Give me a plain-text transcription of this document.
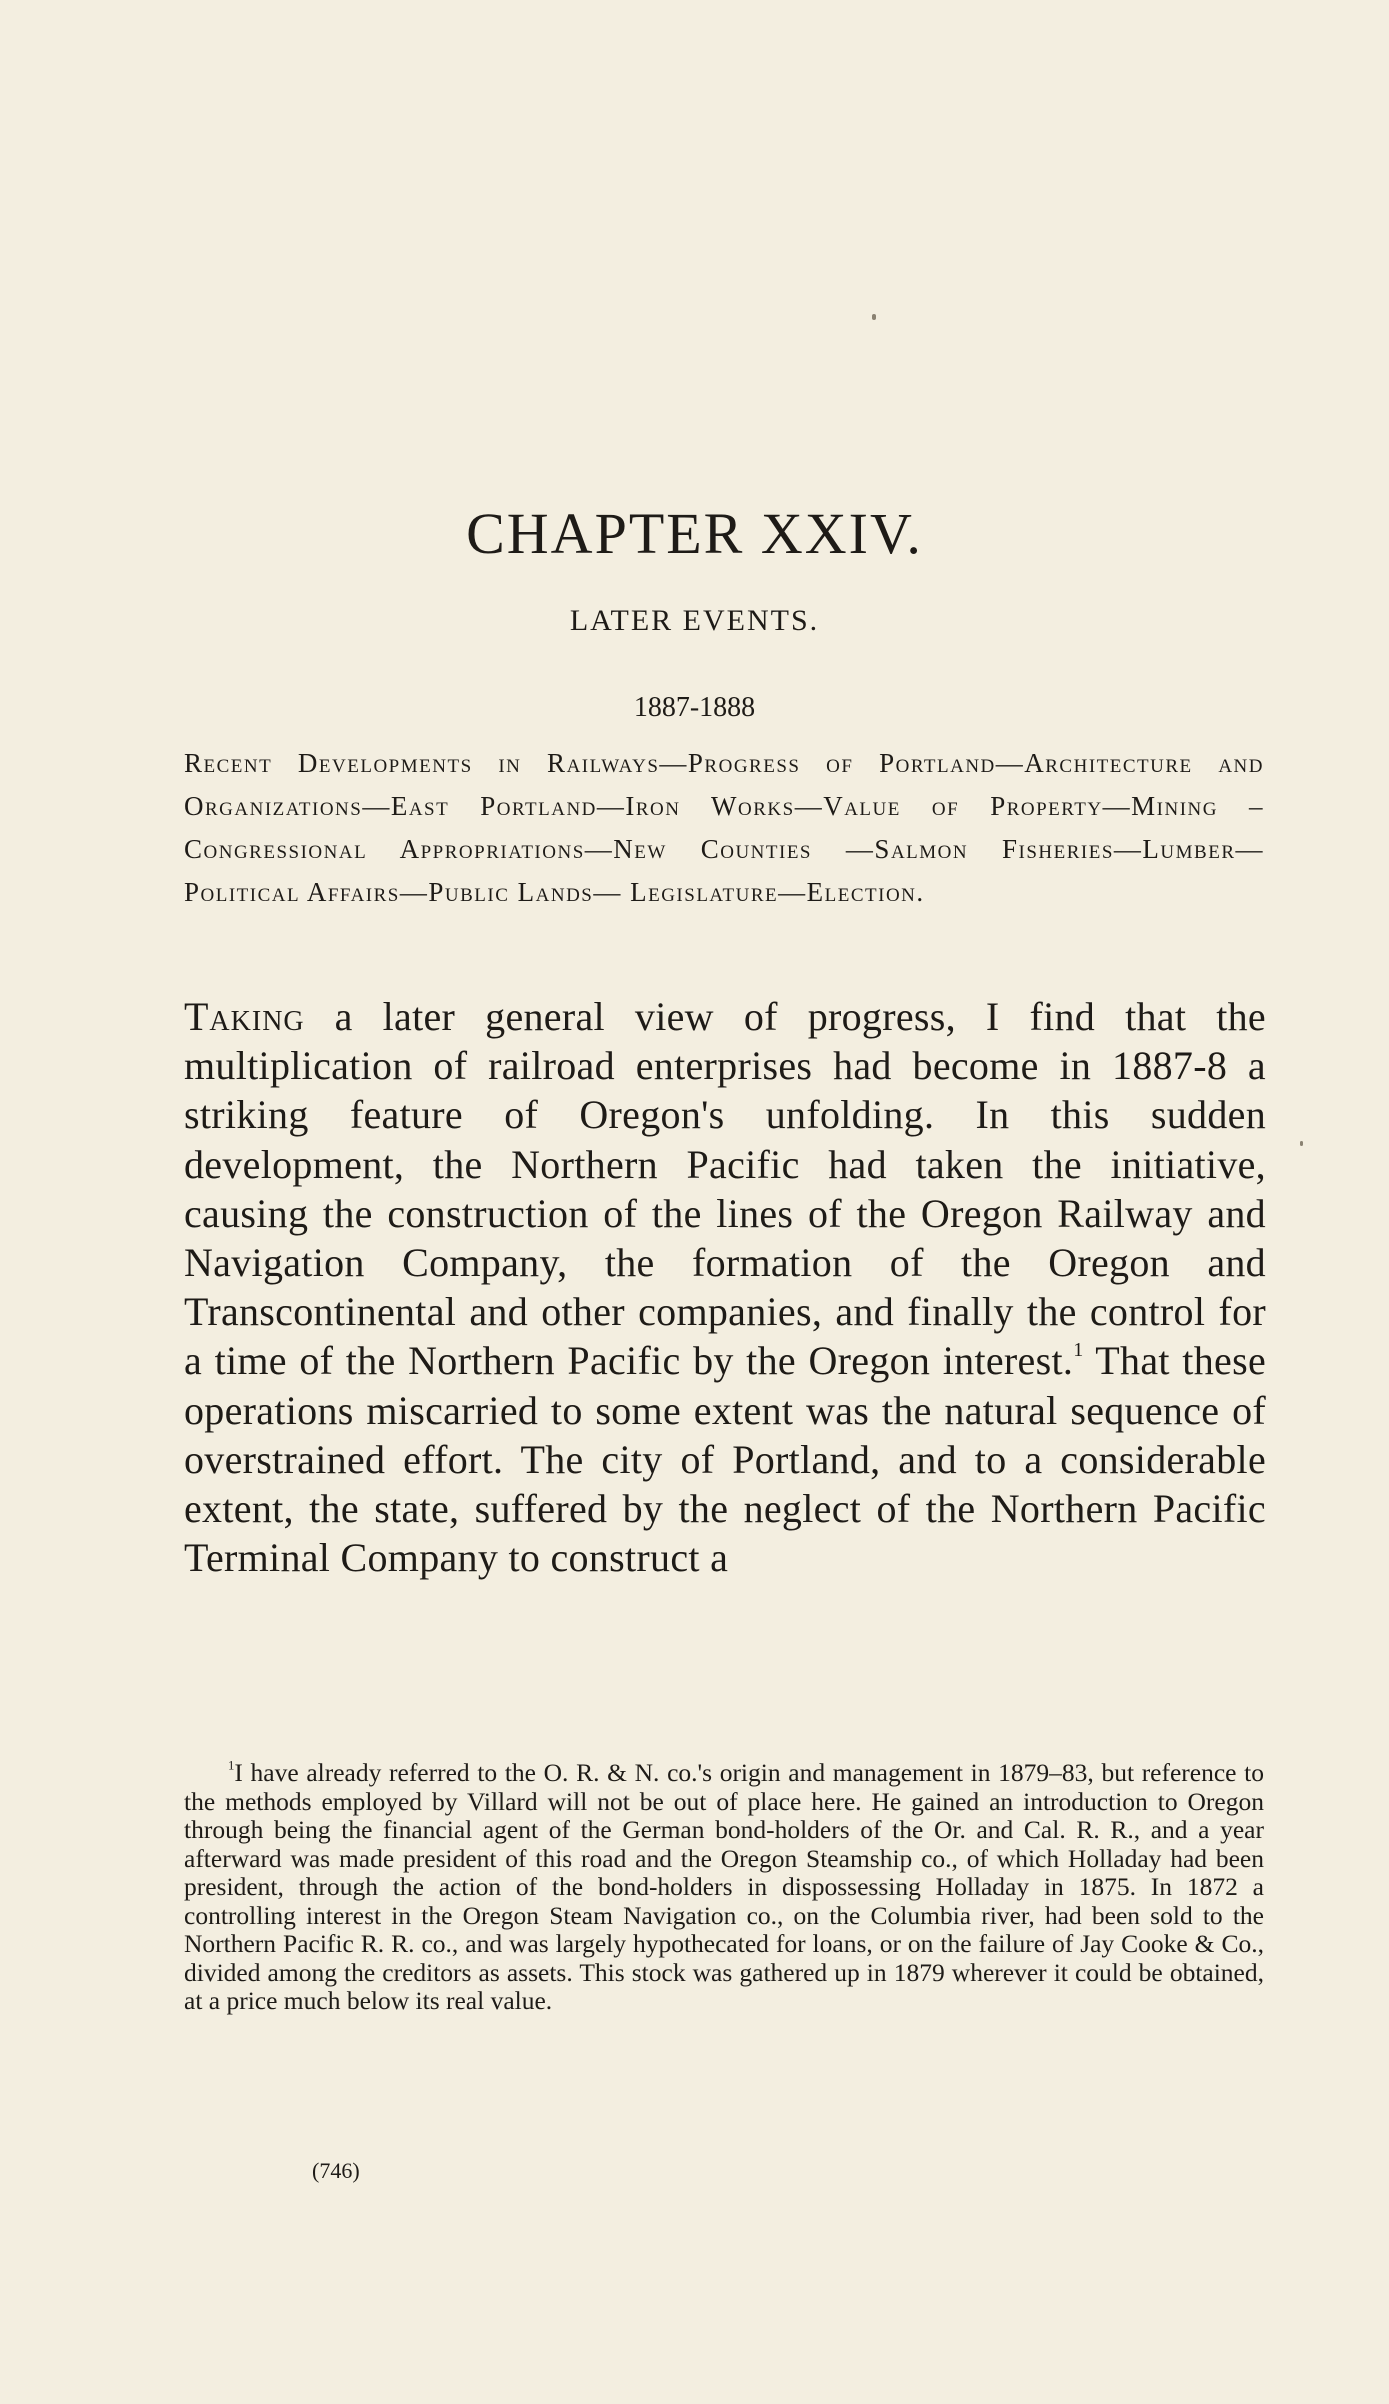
CHAPTER XXIV.
LATER EVENTS.

1887-1888

Recent Developments in Railways—Progress of Portland—Architecture and Organizations—East Portland—Iron Works—Value of Property—Mining – Congressional Appropriations—New Counties —Salmon Fisheries—Lumber—Political Affairs—Public Lands— Legislature—Election.

Taking a later general view of progress, I find that the multiplication of railroad enterprises had become in 1887-8 a striking feature of Oregon's unfolding. In this sudden development, the Northern Pacific had taken the initiative, causing the construction of the lines of the Oregon Railway and Navigation Company, the formation of the Oregon and Transcontinental and other companies, and finally the control for a time of the Northern Pacific by the Oregon interest.$^1$ That these operations miscarried to some extent was the natural sequence of overstrained effort. The city of Portland, and to a considerable extent, the state, suffered by the neglect of the Northern Pacific Terminal Company to construct a

$^1$I have already referred to the O. R. & N. co.'s origin and management in 1879–83, but reference to the methods employed by Villard will not be out of place here. He gained an introduction to Oregon through being the financial agent of the German bond-holders of the Or. and Cal. R. R., and a year afterward was made president of this road and the Oregon Steamship co., of which Holladay had been president, through the action of the bond-holders in dispossessing Holladay in 1875. In 1872 a controlling interest in the Oregon Steam Navigation co., on the Columbia river, had been sold to the Northern Pacific R. R. co., and was largely hypothecated for loans, or on the failure of Jay Cooke & Co., divided among the creditors as assets. This stock was gathered up in 1879 wherever it could be obtained, at a price much below its real value.

(746)
